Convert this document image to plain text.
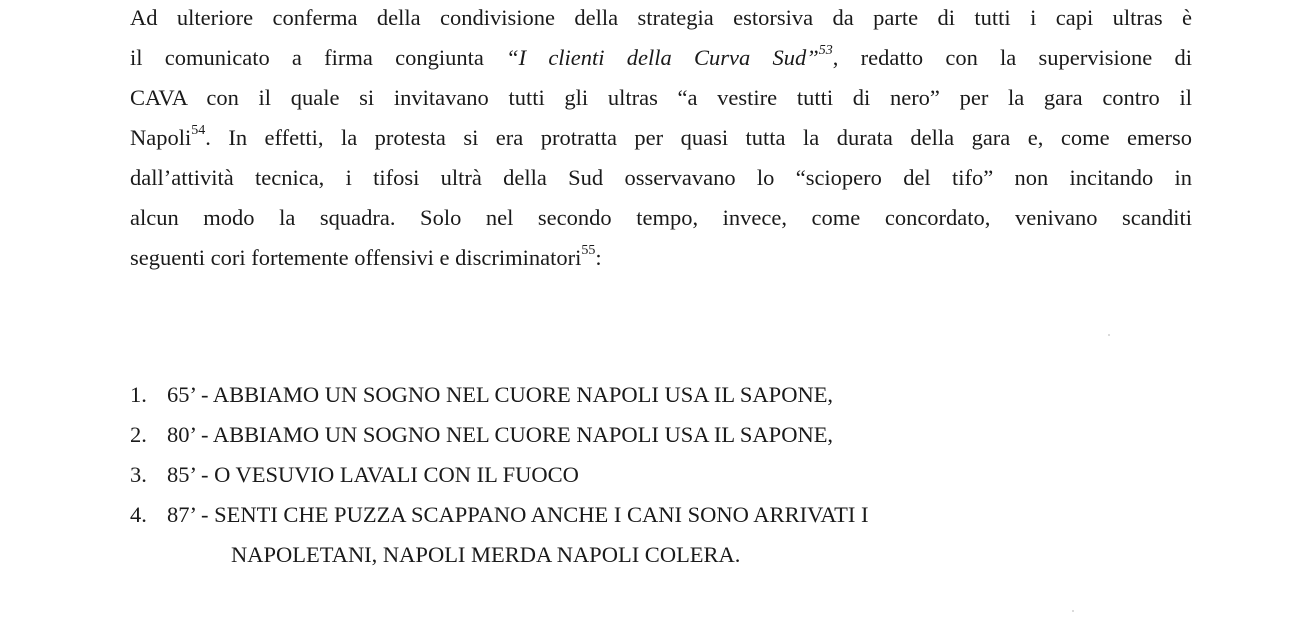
Ad ulteriore conferma della condivisione della strategia estorsiva da parte di tutti i capi ultras è
il comunicato a firma congiunta “I clienti della Curva Sud”$^{53}$, redatto con la supervisione di
CAVA con il quale si invitavano tutti gli ultras “a vestire tutti di nero” per la gara contro il
Napoli$^{54}$. In effetti, la protesta si era protratta per quasi tutta la durata della gara e, come emerso
dall’attività tecnica, i tifosi ultrà della Sud osservavano lo “sciopero del tifo” non incitando in
alcun modo la squadra. Solo nel secondo tempo, invece, come concordato, venivano scanditi
seguenti cori fortemente offensivi e discriminatori$^{55}$:
1. 65’ - ABBIAMO UN SOGNO NEL CUORE NAPOLI USA IL SAPONE,
2. 80’ - ABBIAMO UN SOGNO NEL CUORE NAPOLI USA IL SAPONE,
3. 85’ - O VESUVIO LAVALI CON IL FUOCO
4. 87’ - SENTI CHE PUZZA SCAPPANO ANCHE I CANI SONO ARRIVATI I
NAPOLETANI, NAPOLI MERDA NAPOLI COLERA.
